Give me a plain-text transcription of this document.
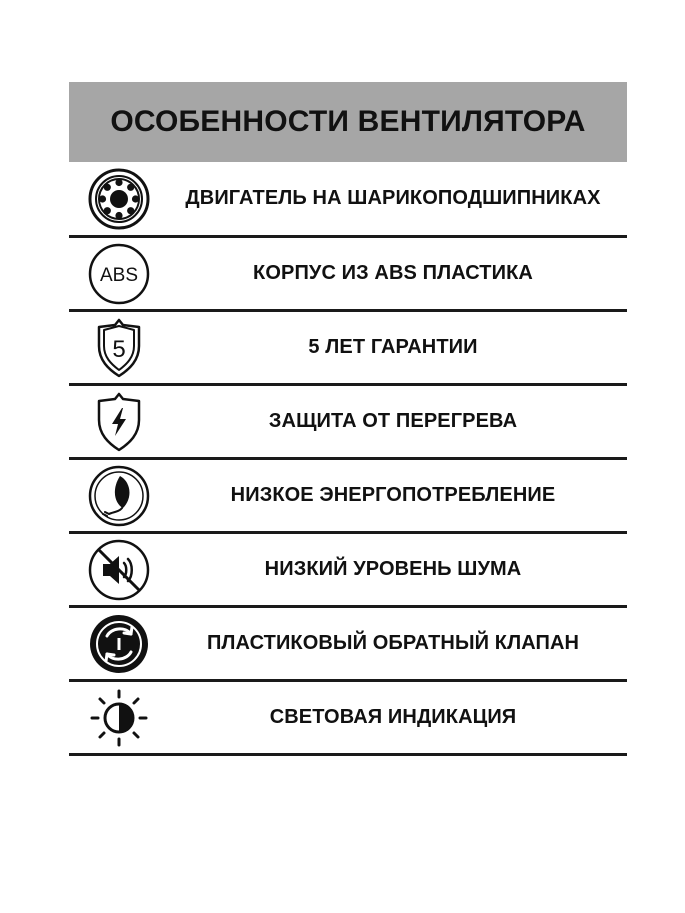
ОСОБЕННОСТИ ВЕНТИЛЯТОРА
ДВИГАТЕЛЬ НА ШАРИКОПОДШИПНИКАХ
ABS	КОРПУС ИЗ ABS ПЛАСТИКА
5	5 ЛЕТ ГАРАНТИИ
ЗАЩИТА ОТ ПЕРЕГРЕВА
НИЗКОЕ ЭНЕРГОПОТРЕБЛЕНИЕ
НИЗКИЙ УРОВЕНЬ ШУМА
ПЛАСТИКОВЫЙ ОБРАТНЫЙ КЛАПАН
СВЕТОВАЯ ИНДИКАЦИЯ
